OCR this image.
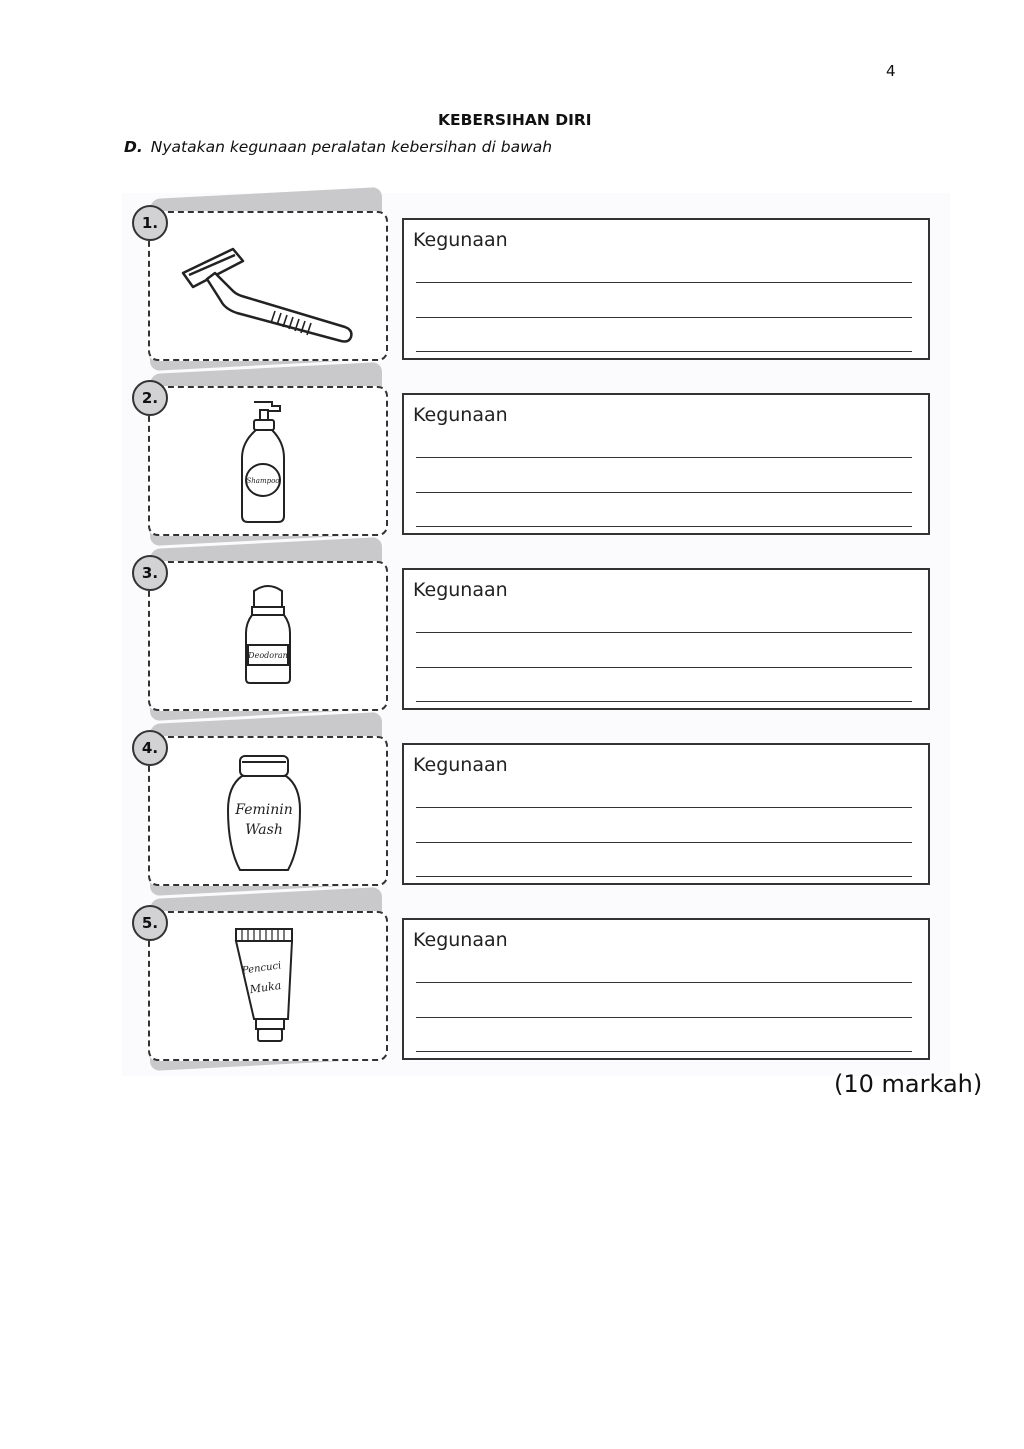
4
KEBERSIHAN DIRI
D. Nyatakan kegunaan peralatan kebersihan di bawah
1.
Kegunaan
Shampoo
2.
Kegunaan
Deodoran
3.
Kegunaan
Feminin
Wash
4.
Kegunaan
Pencuci
Muka
5.
Kegunaan
(10 markah)
